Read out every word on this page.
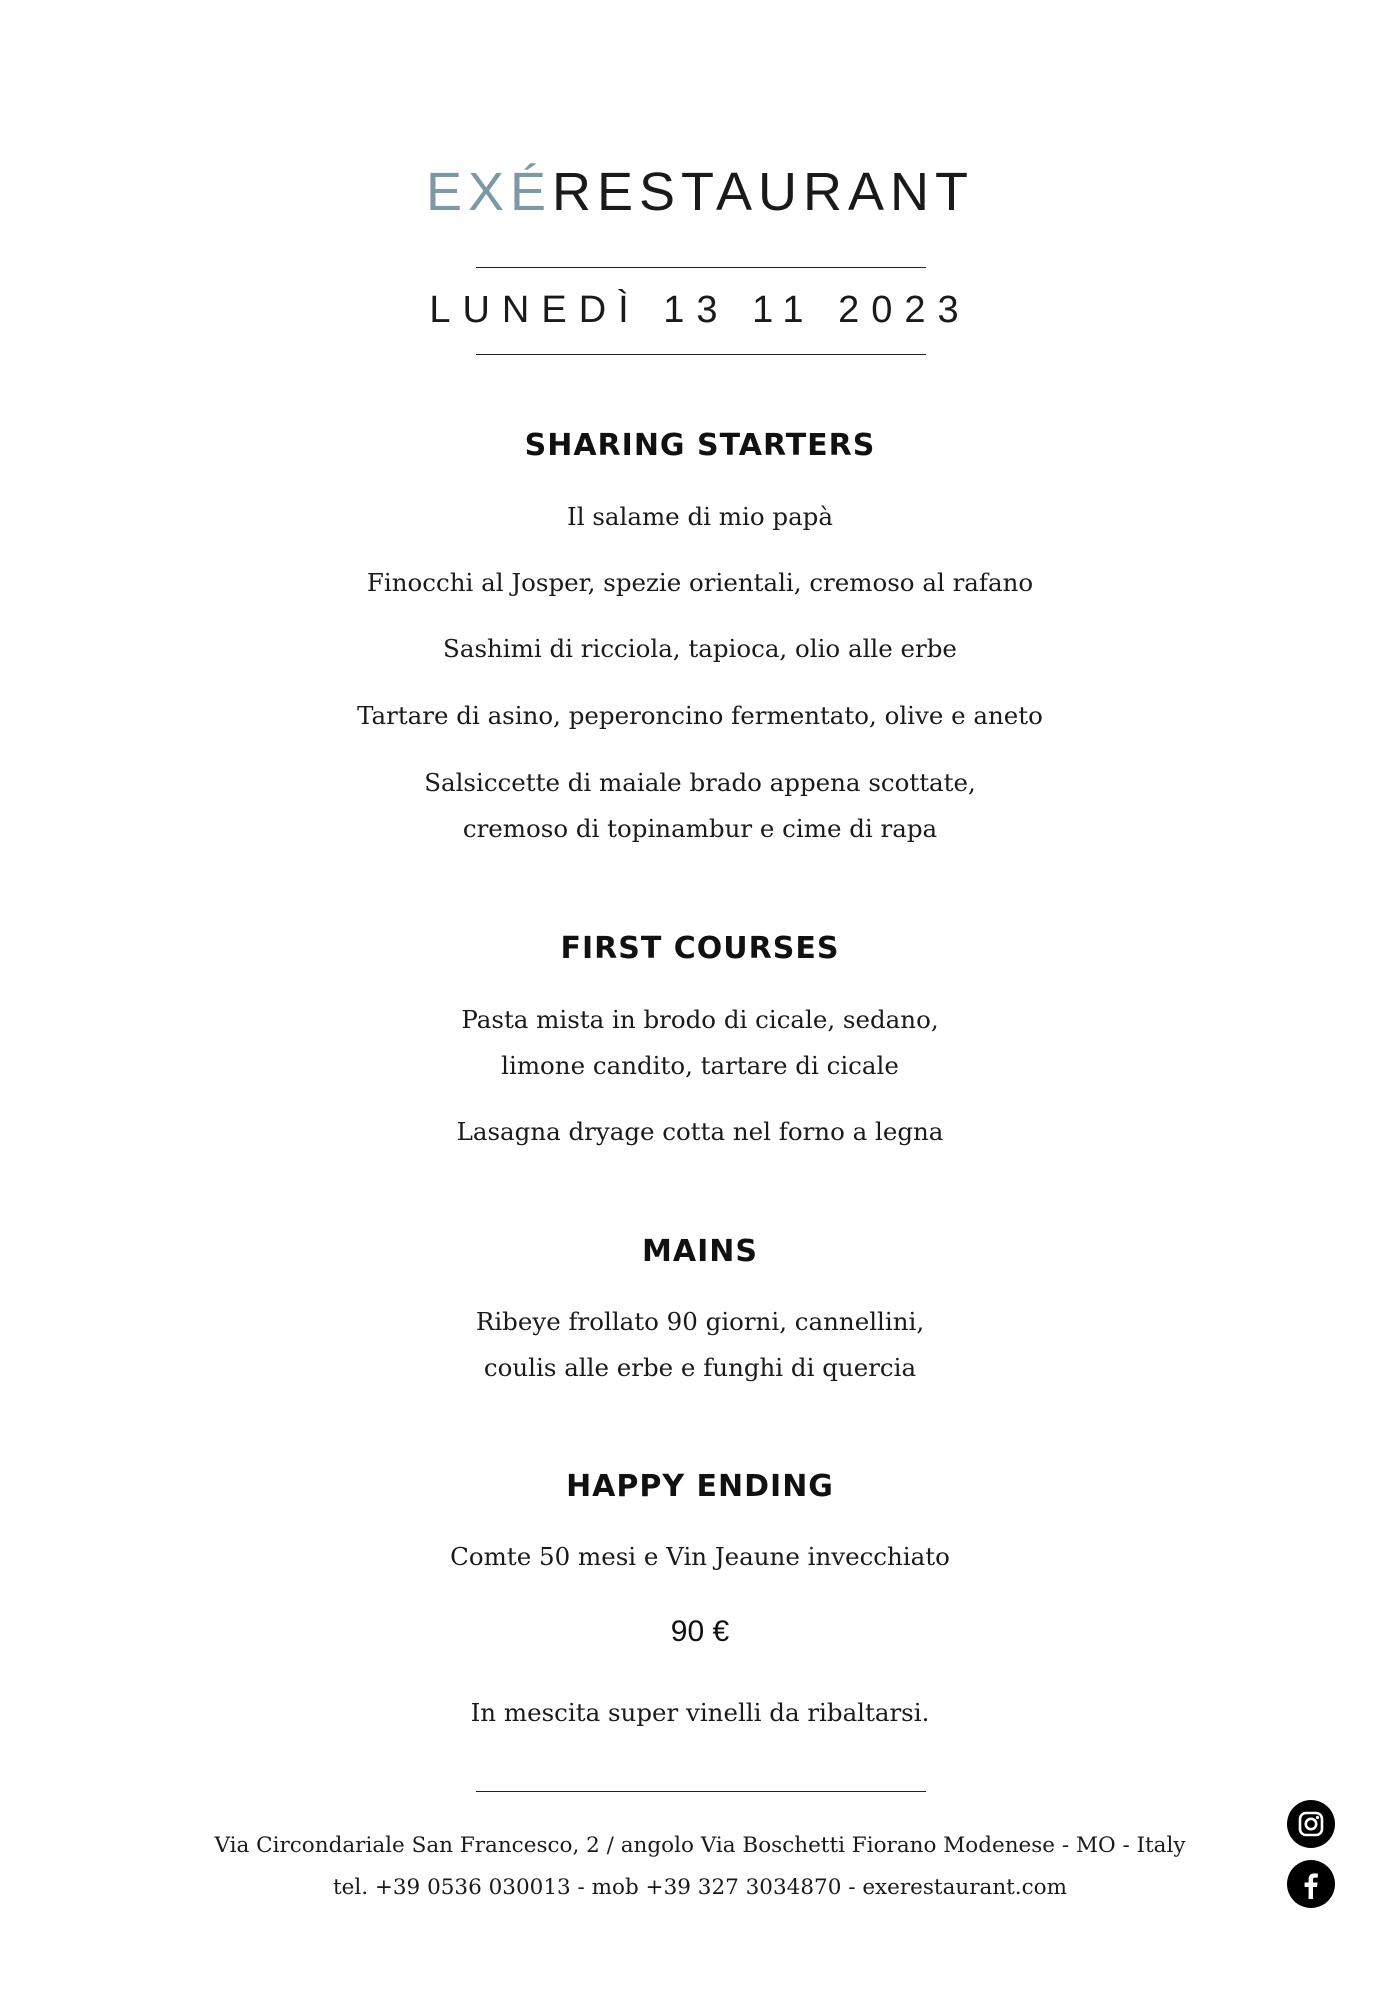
EXÉRESTAURANT
LUNEDÌ 13 11 2023
SHARING STARTERS
Il salame di mio papà
Finocchi al Josper, spezie orientali, cremoso al rafano
Sashimi di ricciola, tapioca, olio alle erbe
Tartare di asino, peperoncino fermentato, olive e aneto
Salsiccette di maiale brado appena scottate,
cremoso di topinambur e cime di rapa
FIRST COURSES
Pasta mista in brodo di cicale, sedano,
limone candito, tartare di cicale
Lasagna dryage cotta nel forno a legna
MAINS
Ribeye frollato 90 giorni, cannellini,
coulis alle erbe e funghi di quercia
HAPPY ENDING
Comte 50 mesi e Vin Jeaune invecchiato
90 €
In mescita super vinelli da ribaltarsi.
Via Circondariale San Francesco, 2 / angolo Via Boschetti Fiorano Modenese - MO - Italy
tel. +39 0536 030013 - mob +39 327 3034870 - exerestaurant.com
